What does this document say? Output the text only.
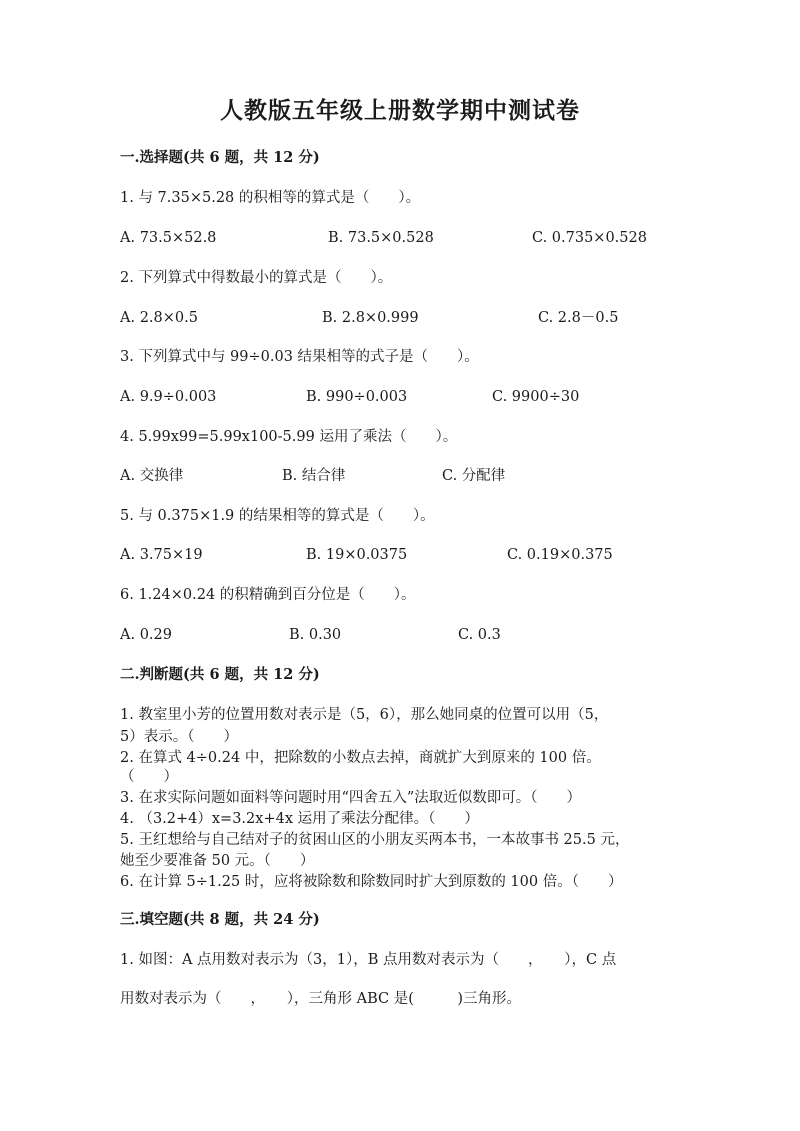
人教版五年级上册数学期中测试卷
一.选择题(共 6 题，共 12 分)
1. 与 7.35×5.28 的积相等的算式是（　　）。
A. 73.5×52.8	B. 73.5×0.528	C. 0.735×0.528
2. 下列算式中得数最小的算式是（　　）。
A. 2.8×0.5	B. 2.8×0.999	C. 2.8－0.5
3. 下列算式中与 99÷0.03 结果相等的式子是（　　）。
A. 9.9÷0.003	B. 990÷0.003	C. 9900÷30
4. 5.99x99=5.99x100-5.99 运用了乘法（　　）。
A. 交换律	B. 结合律	C. 分配律
5. 与 0.375×1.9 的结果相等的算式是（　　）。
A. 3.75×19	B. 19×0.0375	C. 0.19×0.375
6. 1.24×0.24 的积精确到百分位是（　　）。
A. 0.29	B. 0.30	C. 0.3
二.判断题(共 6 题，共 12 分)
1. 教室里小芳的位置用数对表示是（5，6），那么她同桌的位置可以用（5，
5）表示。（　　）
2. 在算式 4÷0.24 中，把除数的小数点去掉，商就扩大到原来的 100 倍。
（　　）
3. 在求实际问题如面料等问题时用“四舍五入”法取近似数即可。（　　）
4. （3.2+4）x=3.2x+4x 运用了乘法分配律。（　　）
5. 王红想给与自己结对子的贫困山区的小朋友买两本书，一本故事书 25.5 元，
她至少要准备 50 元。（　　）
6. 在计算 5÷1.25 时，应将被除数和除数同时扩大到原数的 100 倍。（　　）
三.填空题(共 8 题，共 24 分)
1. 如图：A 点用数对表示为（3，1），B 点用数对表示为（　　，　　），C 点
用数对表示为（　　，　　），三角形 ABC 是(　　　)三角形。
